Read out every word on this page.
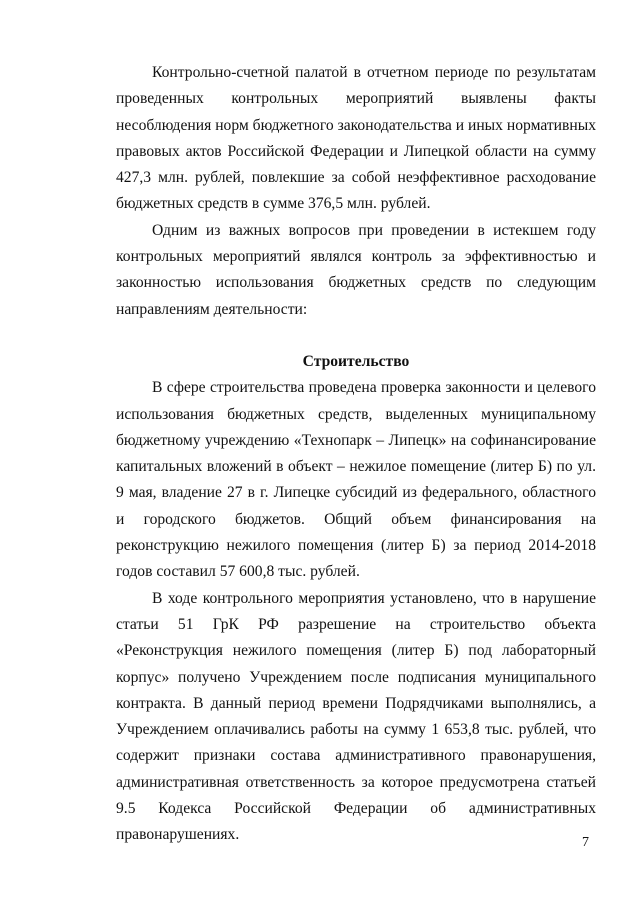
Контрольно-счетной палатой в отчетном периоде по результатам проведенных контрольных мероприятий выявлены факты несоблюдения норм бюджетного законодательства и иных нормативных правовых актов Российской Федерации и Липецкой области на сумму 427,3 млн. рублей, повлекшие за собой неэффективное расходование бюджетных средств в сумме 376,5 млн. рублей.

Одним из важных вопросов при проведении в истекшем году контрольных мероприятий являлся контроль за эффективностью и законностью использования бюджетных средств по следующим направлениям деятельности:

Строительство

В сфере строительства проведена проверка законности и целевого использования бюджетных средств, выделенных муниципальному бюджетному учреждению «Технопарк – Липецк» на софинансирование капитальных вложений в объект – нежилое помещение (литер Б) по ул. 9 мая, владение 27 в г. Липецке субсидий из федерального, областного и городского бюджетов. Общий объем финансирования на реконструкцию нежилого помещения (литер Б) за период 2014-2018 годов составил 57 600,8 тыс. рублей.

В ходе контрольного мероприятия установлено, что в нарушение статьи 51 ГрК РФ разрешение на строительство объекта «Реконструкция нежилого помещения (литер Б) под лабораторный корпус» получено Учреждением после подписания муниципального контракта. В данный период времени Подрядчиками выполнялись, а Учреждением оплачивались работы на сумму 1 653,8 тыс. рублей, что содержит признаки состава административного правонарушения, административная ответственность за которое предусмотрена статьей 9.5 Кодекса Российской Федерации об административных правонарушениях.	7
